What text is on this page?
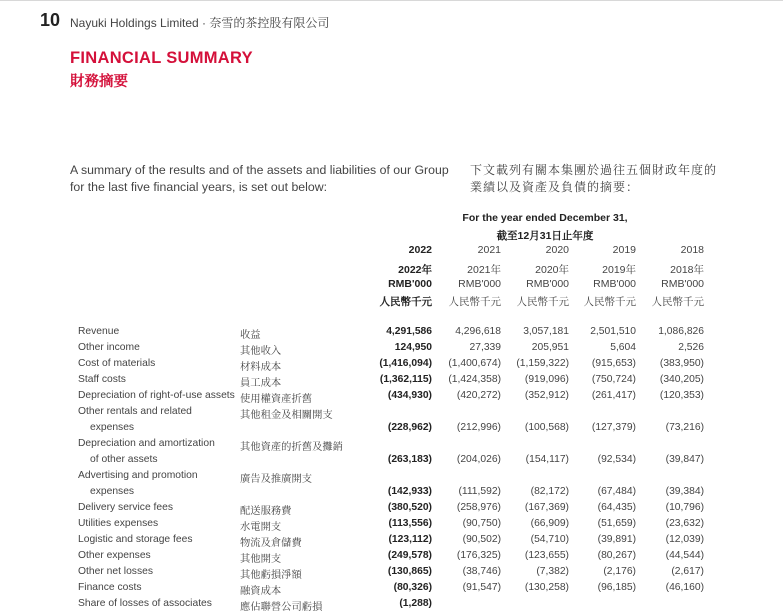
10 Nayuki Holdings Limited · 奈雪的茶控股有限公司
FINANCIAL SUMMARY
財務摘要
A summary of the results and of the assets and liabilities of our Group for the last five financial years, is set out below:
下文載列有關本集團於過往五個財政年度的業績以及資產及負債的摘要：
For the year ended December 31,
截至12月31日止年度
2022	2021	2020	2019	2018
2022年	2021年	2020年	2019年	2018年
RMB'000	RMB'000	RMB'000	RMB'000	RMB'000
人民幣千元	人民幣千元	人民幣千元	人民幣千元	人民幣千元
Revenue	收益	4,291,586	4,296,618	3,057,181	2,501,510	1,086,826
Other income	其他收入	124,950	27,339	205,951	5,604	2,526
Cost of materials	材料成本	(1,416,094)	(1,400,674)	(1,159,322)	(915,653)	(383,950)
Staff costs	員工成本	(1,362,115)	(1,424,358)	(919,096)	(750,724)	(340,205)
Depreciation of right-of-use assets 使用權資產折舊	(434,930)	(420,272)	(352,912)	(261,417)	(120,353)
Other rentals and related	其他租金及相關開支
expenses	(228,962)	(212,996)	(100,568)	(127,379)	(73,216)
Depreciation and amortization 其他資產的折舊及攤銷
of other assets	(263,183)	(204,026)	(154,117)	(92,534)	(39,847)
Advertising and promotion	廣告及推廣開支
expenses	(142,933)	(111,592)	(82,172)	(67,484)	(39,384)
Delivery service fees	配送服務費	(380,520)	(258,976)	(167,369)	(64,435)	(10,796)
Utilities expenses	水電開支	(113,556)	(90,750)	(66,909)	(51,659)	(23,632)
Logistic and storage fees	物流及倉儲費	(123,112)	(90,502)	(54,710)	(39,891)	(12,039)
Other expenses	其他開支	(249,578)	(176,325)	(123,655)	(80,267)	(44,544)
Other net losses	其他虧損淨額	(130,865)	(38,746)	(7,382)	(2,176)	(2,617)
Finance costs	融資成本	(80,326)	(91,547)	(130,258)	(96,185)	(46,160)
Share of losses of associates	應佔聯營公司虧損	(1,288)
